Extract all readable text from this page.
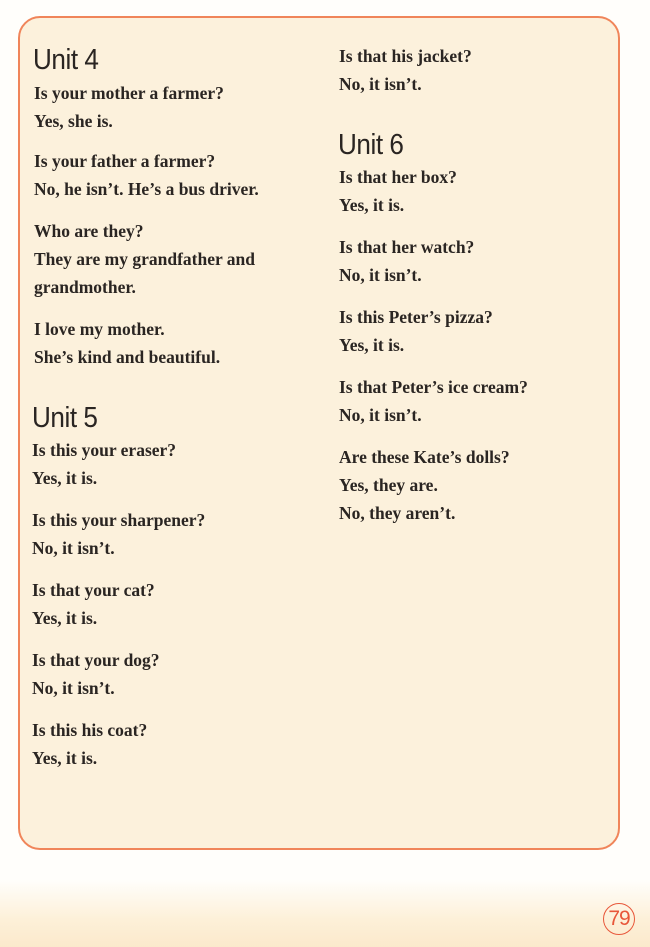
Unit 4
Is your mother a farmer?
Yes, she is.
Is your father a farmer?
No, he isn’t. He’s a bus driver.
Who are they?
They are my grandfather and
grandmother.
I love my mother.
She’s kind and beautiful.
Unit 5
Is this your eraser?
Yes, it is.
Is this your sharpener?
No, it isn’t.
Is that your cat?
Yes, it is.
Is that your dog?
No, it isn’t.
Is this his coat?
Yes, it is.
Is that his jacket?
No, it isn’t.
Unit 6
Is that her box?
Yes, it is.
Is that her watch?
No, it isn’t.
Is this Peter’s pizza?
Yes, it is.
Is that Peter’s ice cream?
No, it isn’t.
Are these Kate’s dolls?
Yes, they are.
No, they aren’t.
79
